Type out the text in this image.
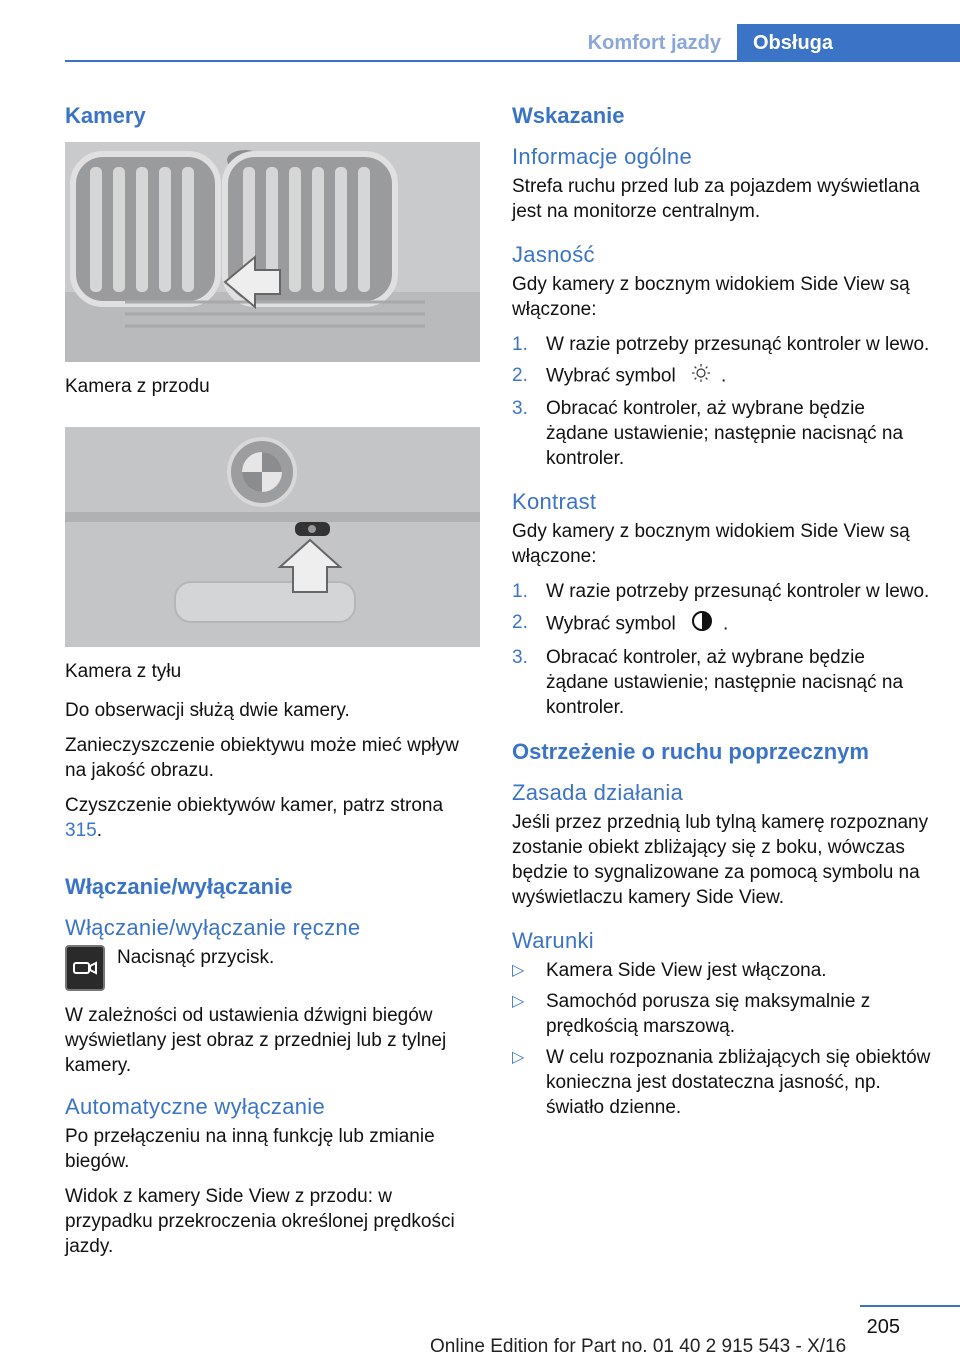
Komfort jazdy	Obsługa
Kamery
Kamera z przodu
Kamera z tyłu

Do obserwacji służą dwie kamery.

Zanieczyszczenie obiektywu może mieć wpływ na jakość obrazu.

Czyszczenie obiektywów kamer, patrz strona 315.

Włączanie/wyłączanie
Włączanie/wyłączanie ręczne
Nacisnąć przycisk.

W zależności od ustawienia dźwigni biegów wyświetlany jest obraz z przedniej lub z tylnej kamery.

Automatyczne wyłączanie

Po przełączeniu na inną funkcję lub zmianie biegów.

Widok z kamery Side View z przodu: w przypadku przekroczenia określonej prędkości jazdy.

Wskazanie
Informacje ogólne

Strefa ruchu przed lub za pojazdem wyświetlana jest na monitorze centralnym.

Jasność

Gdy kamery z bocznym widokiem Side View są włączone:

1. W razie potrzeby przesunąć kontroler w lewo.
2. Wybrać symbol .
3. Obracać kontroler, aż wybrane będzie żądane ustawienie; następnie nacisnąć na kontroler.
Kontrast

Gdy kamery z bocznym widokiem Side View są włączone:

1. W razie potrzeby przesunąć kontroler w lewo.
2. Wybrać symbol .
3. Obracać kontroler, aż wybrane będzie żądane ustawienie; następnie nacisnąć na kontroler.
Ostrzeżenie o ruchu poprzecznym
Zasada działania

Jeśli przez przednią lub tylną kamerę rozpoznany zostanie obiekt zbliżający się z boku, wówczas będzie to sygnalizowane za pomocą symbolu na wyświetlaczu kamery Side View.

Warunki
▷ Kamera Side View jest włączona.
▷ Samochód porusza się maksymalnie z prędkością marszową.
▷ W celu rozpoznania zbliżających się obiektów konieczna jest dostateczna jasność, np. światło dzienne.
205
Online Edition for Part no. 01 40 2 915 543 - X/16
